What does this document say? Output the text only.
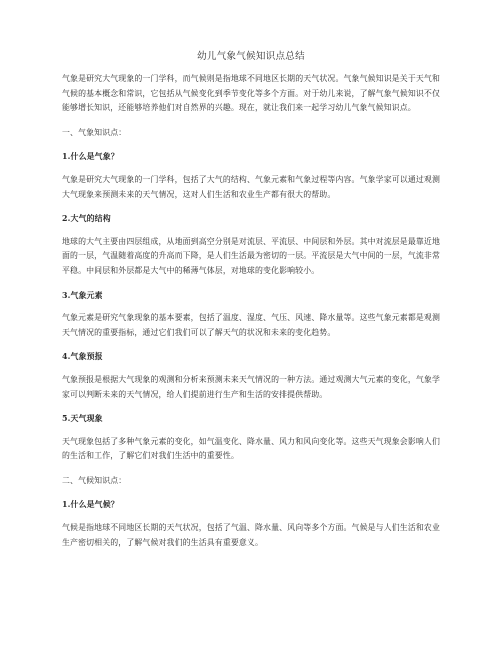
幼儿气象气候知识点总结

气象是研究大气现象的一门学科，而气候则是指地球不同地区长期的天气状况。气象气候知识是关于天气和气候的基本概念和常识，它包括从气候变化到季节变化等多个方面。对于幼儿来说，了解气象气候知识不仅能够增长知识，还能够培养他们对自然界的兴趣。现在，就让我们来一起学习幼儿气象气候知识点。

一、气象知识点：

1.什么是气象？

气象是研究大气现象的一门学科，包括了大气的结构、气象元素和气象过程等内容。气象学家可以通过观测大气现象来预测未来的天气情况，这对人们生活和农业生产都有很大的帮助。

2.大气的结构

地球的大气主要由四层组成，从地面到高空分别是对流层、平流层、中间层和外层。其中对流层是最靠近地面的一层，气温随着高度的升高而下降，是人们生活最为密切的一层。平流层是大气中间的一层，气流非常平稳。中间层和外层都是大气中的稀薄气体层，对地球的变化影响较小。

3.气象元素

气象元素是研究气象现象的基本要素，包括了温度、湿度、气压、风速、降水量等。这些气象元素都是观测天气情况的重要指标，通过它们我们可以了解天气的状况和未来的变化趋势。

4.气象预报

气象预报是根据大气现象的观测和分析来预测未来天气情况的一种方法。通过观测大气元素的变化，气象学家可以判断未来的天气情况，给人们提前进行生产和生活的安排提供帮助。

5.天气现象

天气现象包括了多种气象元素的变化，如气温变化、降水量、风力和风向变化等。这些天气现象会影响人们的生活和工作，了解它们对我们生活中的重要性。

二、气候知识点：

1.什么是气候？

气候是指地球不同地区长期的天气状况，包括了气温、降水量、风向等多个方面。气候是与人们生活和农业生产密切相关的，了解气候对我们的生活具有重要意义。
